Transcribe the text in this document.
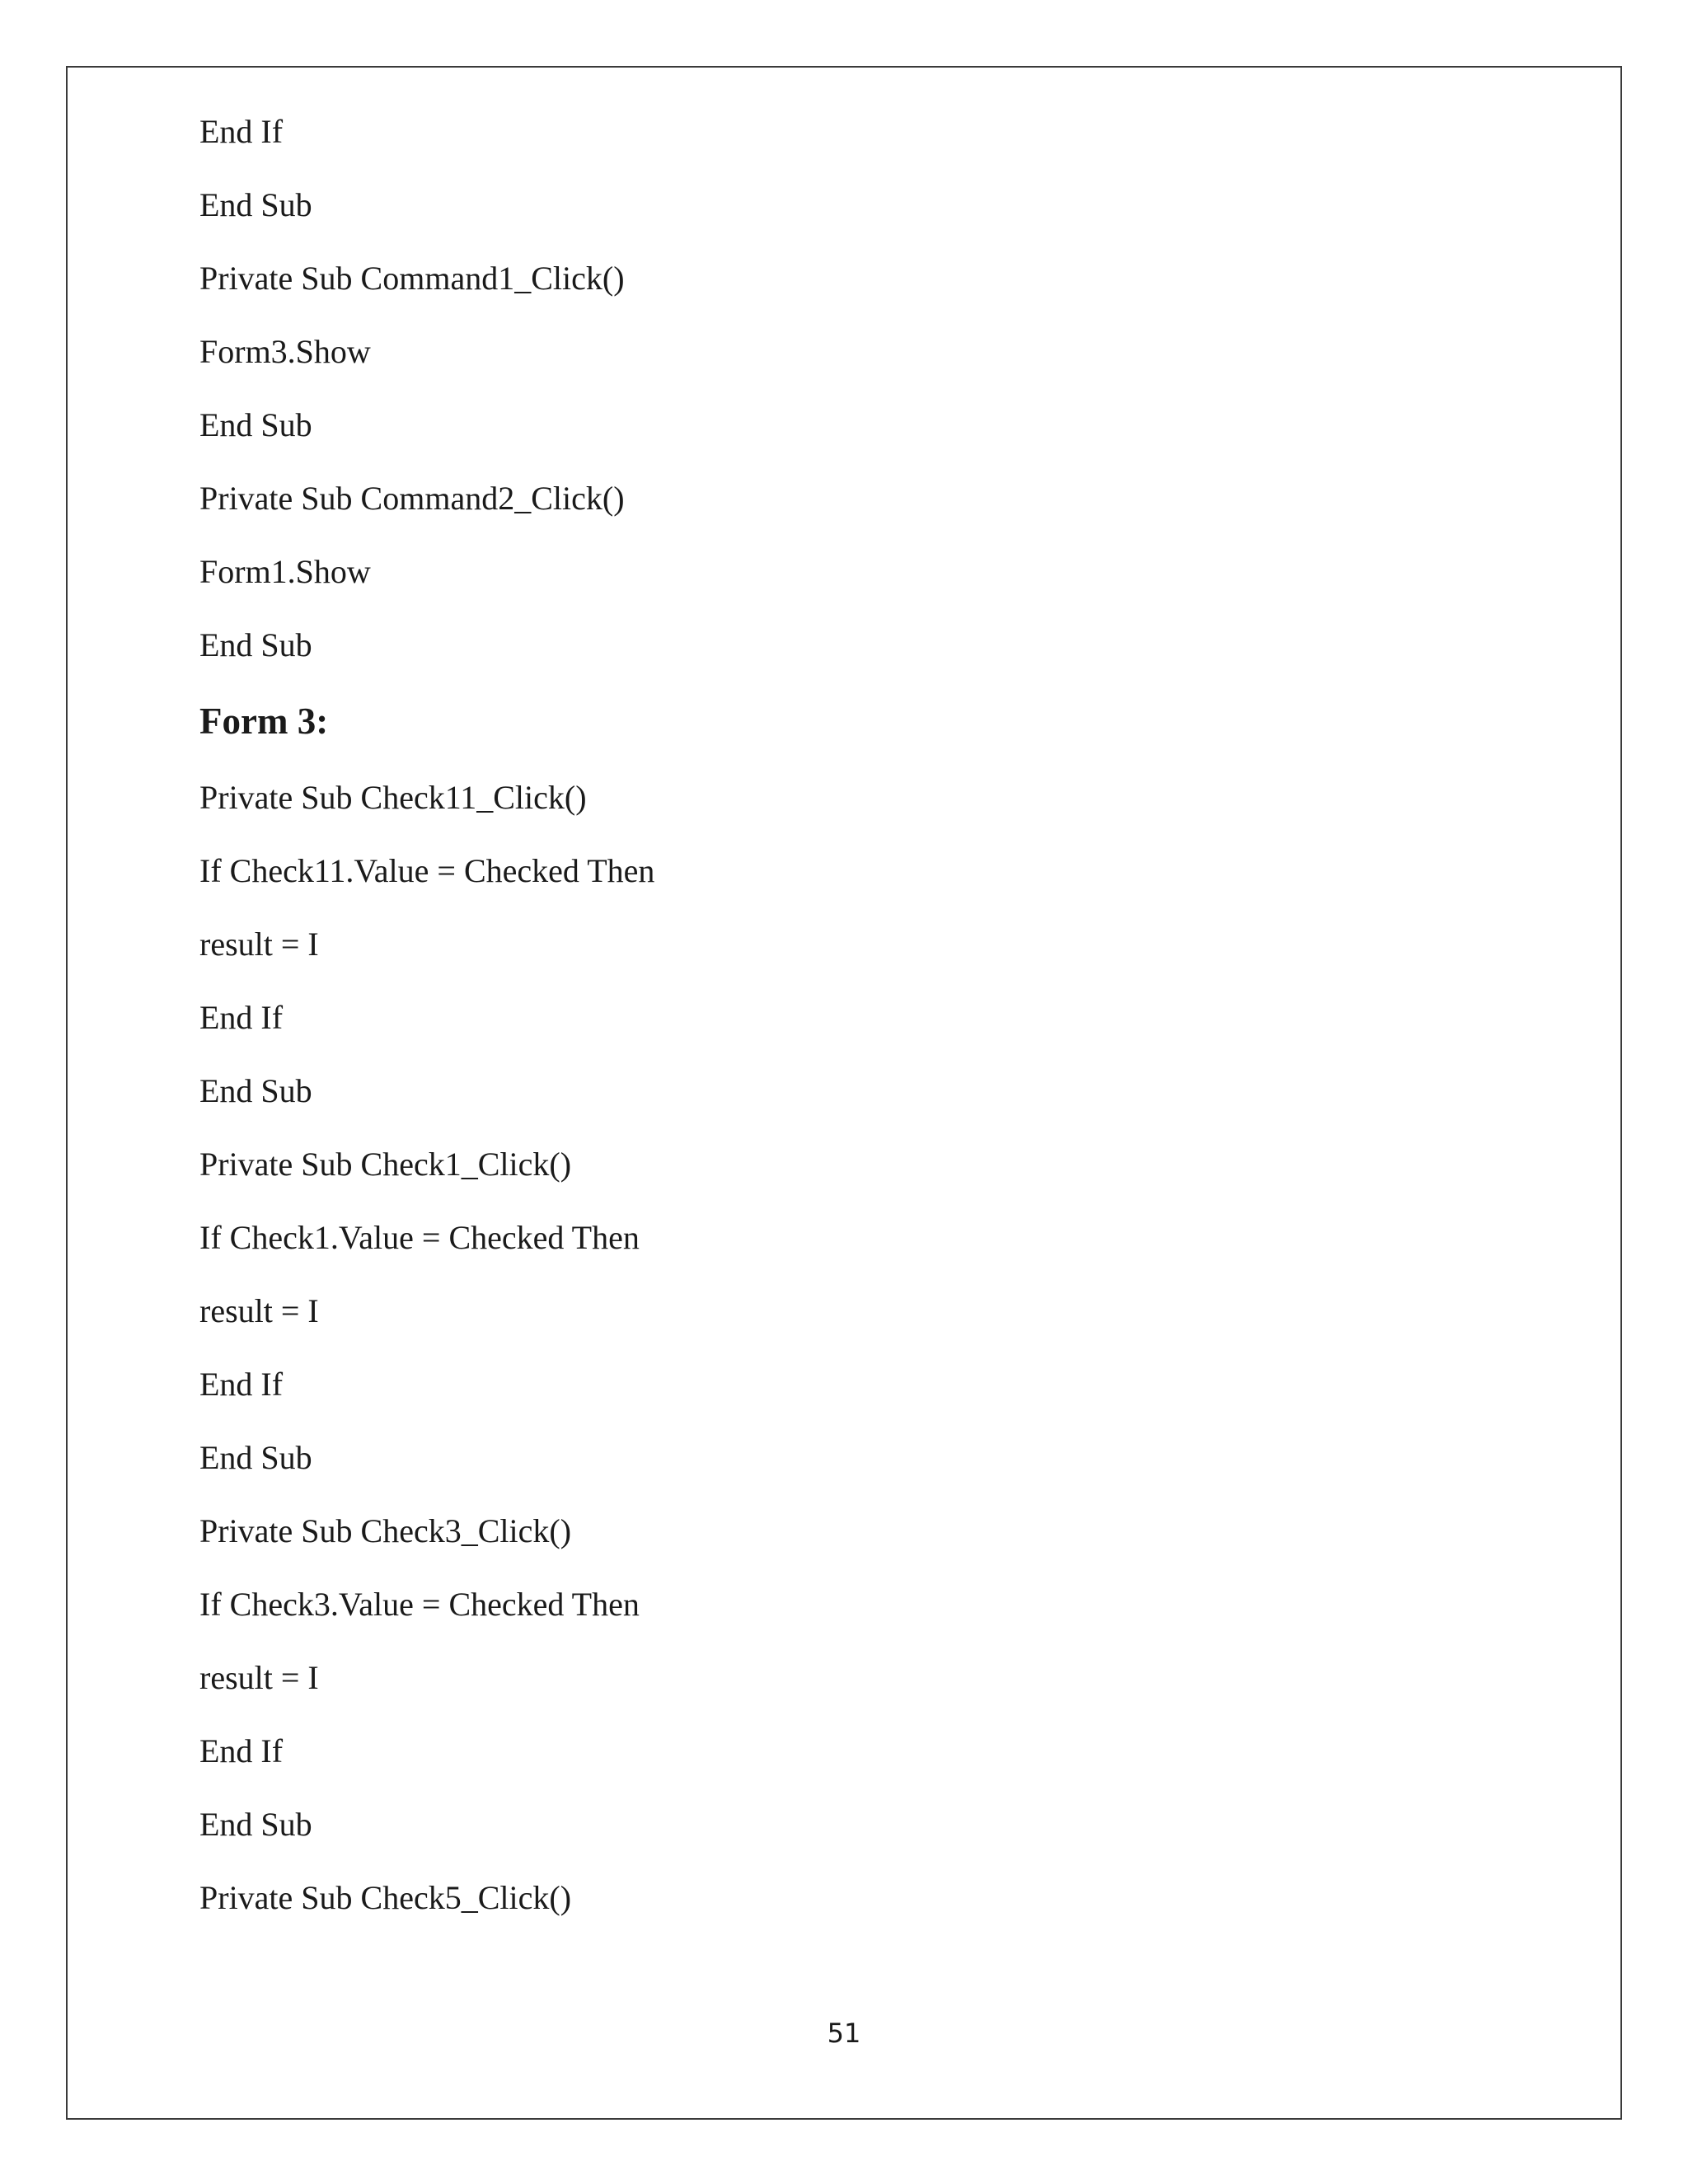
End If

End Sub

Private Sub Command1_Click()

Form3.Show

End Sub

Private Sub Command2_Click()

Form1.Show

End Sub

Form 3:

Private Sub Check11_Click()

If Check11.Value = Checked Then

result = I

End If

End Sub

Private Sub Check1_Click()

If Check1.Value = Checked Then

result = I

End If

End Sub

Private Sub Check3_Click()

If Check3.Value = Checked Then

result = I

End If

End Sub

Private Sub Check5_Click()

51
